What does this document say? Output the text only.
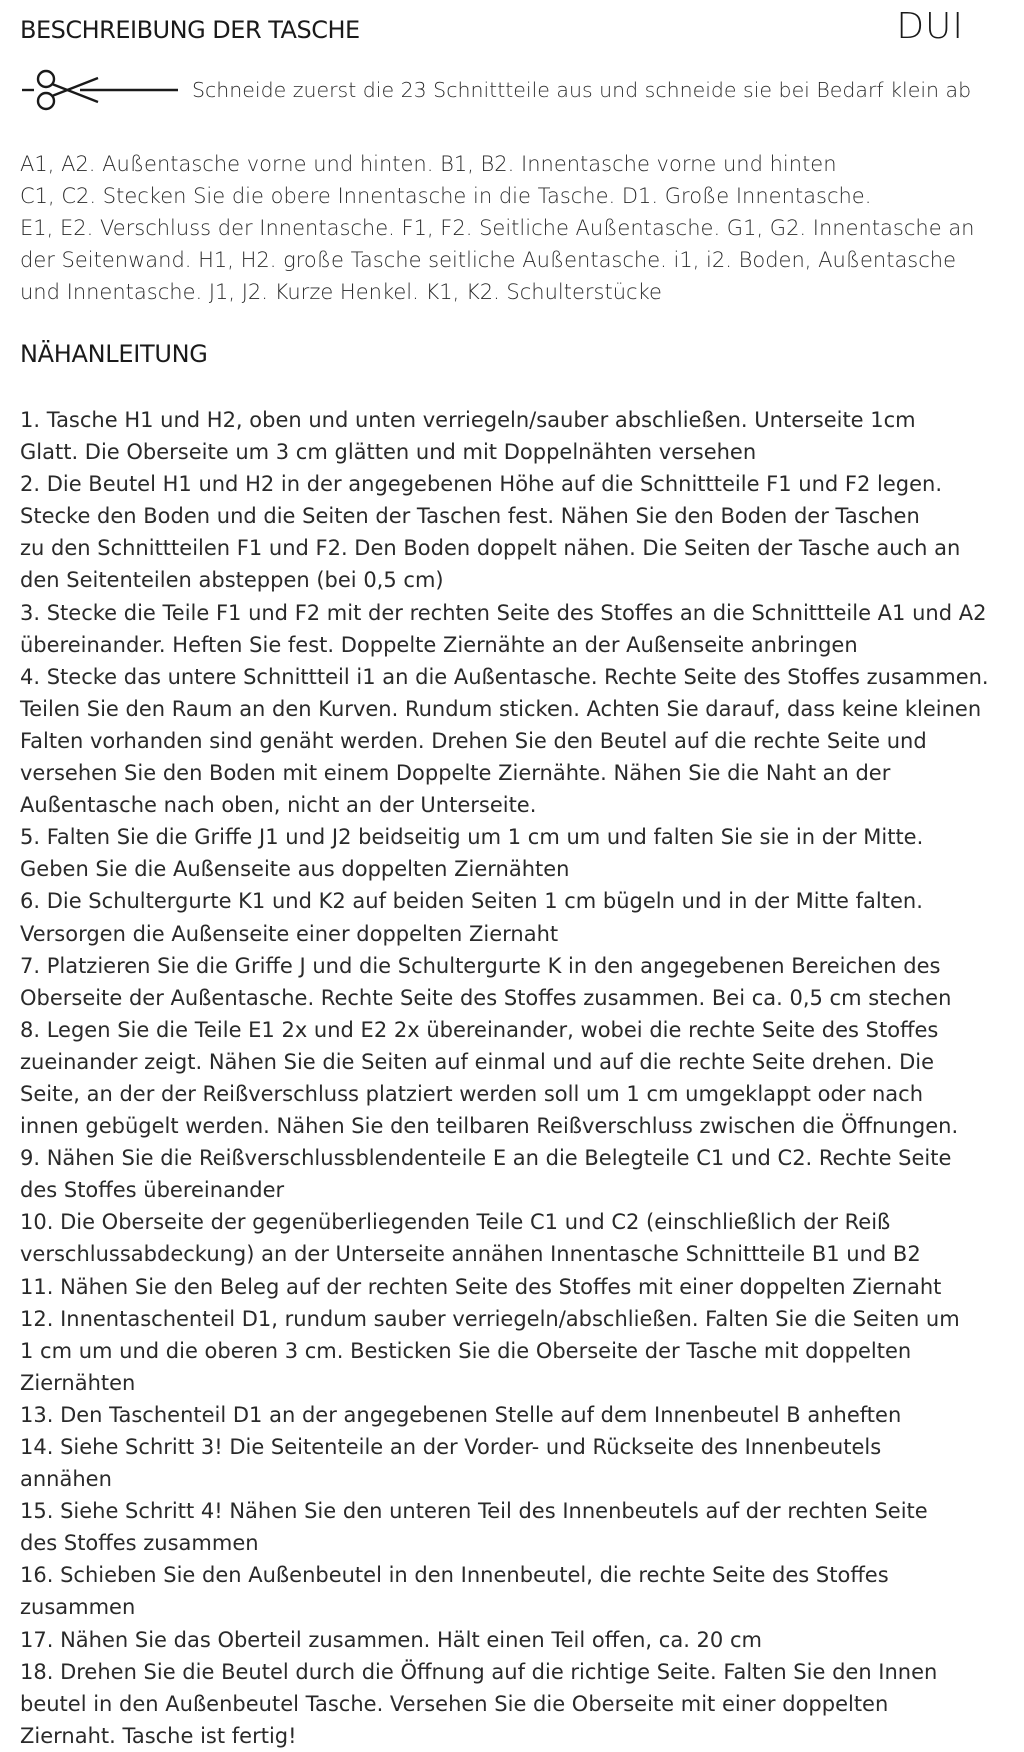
BESCHREIBUNG DER TASCHE	DUI
Schneide zuerst die 23 Schnittteile aus und schneide sie bei Bedarf klein ab

A1, A2. Außentasche vorne und hinten. B1, B2. Innentasche vorne und hinten

C1, C2. Stecken Sie die obere Innentasche in die Tasche. D1. Große Innentasche.

E1, E2. Verschluss der Innentasche. F1, F2. Seitliche Außentasche. G1, G2. Innentasche an

der Seitenwand. H1, H2. große Tasche seitliche Außentasche. i1, i2. Boden, Außentasche

und Innentasche. J1, J2. Kurze Henkel. K1, K2. Schulterstücke

NÄHANLEITUNG

1. Tasche H1 und H2, oben und unten verriegeln/sauber abschließen. Unterseite 1cm

Glatt. Die Oberseite um 3 cm glätten und mit Doppelnähten versehen

2. Die Beutel H1 und H2 in der angegebenen Höhe auf die Schnittteile F1 und F2 legen.

Stecke den Boden und die Seiten der Taschen fest. Nähen Sie den Boden der Taschen

zu den Schnittteilen F1 und F2. Den Boden doppelt nähen. Die Seiten der Tasche auch an

den Seitenteilen absteppen (bei 0,5 cm)

3. Stecke die Teile F1 und F2 mit der rechten Seite des Stoffes an die Schnittteile A1 und A2

übereinander. Heften Sie fest. Doppelte Ziernähte an der Außenseite anbringen

4. Stecke das untere Schnittteil i1 an die Außentasche. Rechte Seite des Stoffes zusammen.

Teilen Sie den Raum an den Kurven. Rundum sticken. Achten Sie darauf, dass keine kleinen

Falten vorhanden sind genäht werden. Drehen Sie den Beutel auf die rechte Seite und

versehen Sie den Boden mit einem Doppelte Ziernähte. Nähen Sie die Naht an der

Außentasche nach oben, nicht an der Unterseite.

5. Falten Sie die Griffe J1 und J2 beidseitig um 1 cm um und falten Sie sie in der Mitte.

Geben Sie die Außenseite aus doppelten Ziernähten

6. Die Schultergurte K1 und K2 auf beiden Seiten 1 cm bügeln und in der Mitte falten.

Versorgen die Außenseite einer doppelten Ziernaht

7. Platzieren Sie die Griffe J und die Schultergurte K in den angegebenen Bereichen des

Oberseite der Außentasche. Rechte Seite des Stoffes zusammen. Bei ca. 0,5 cm stechen

8. Legen Sie die Teile E1 2x und E2 2x übereinander, wobei die rechte Seite des Stoffes

zueinander zeigt. Nähen Sie die Seiten auf einmal und auf die rechte Seite drehen. Die

Seite, an der der Reißverschluss platziert werden soll um 1 cm umgeklappt oder nach

innen gebügelt werden. Nähen Sie den teilbaren Reißverschluss zwischen die Öffnungen.

9. Nähen Sie die Reißverschlussblendenteile E an die Belegteile C1 und C2. Rechte Seite

des Stoffes übereinander

10. Die Oberseite der gegenüberliegenden Teile C1 und C2 (einschließlich der Reiß

verschlussabdeckung) an der Unterseite annähen Innentasche Schnittteile B1 und B2

11. Nähen Sie den Beleg auf der rechten Seite des Stoffes mit einer doppelten Ziernaht

12. Innentaschenteil D1, rundum sauber verriegeln/abschließen. Falten Sie die Seiten um

1 cm um und die oberen 3 cm. Besticken Sie die Oberseite der Tasche mit doppelten

Ziernähten

13. Den Taschenteil D1 an der angegebenen Stelle auf dem Innenbeutel B anheften

14. Siehe Schritt 3! Die Seitenteile an der Vorder- und Rückseite des Innenbeutels

annähen

15. Siehe Schritt 4! Nähen Sie den unteren Teil des Innenbeutels auf der rechten Seite

des Stoffes zusammen

16. Schieben Sie den Außenbeutel in den Innenbeutel, die rechte Seite des Stoffes

zusammen

17. Nähen Sie das Oberteil zusammen. Hält einen Teil offen, ca. 20 cm

18. Drehen Sie die Beutel durch die Öffnung auf die richtige Seite. Falten Sie den Innen

beutel in den Außenbeutel Tasche. Versehen Sie die Oberseite mit einer doppelten

Ziernaht. Tasche ist fertig!
